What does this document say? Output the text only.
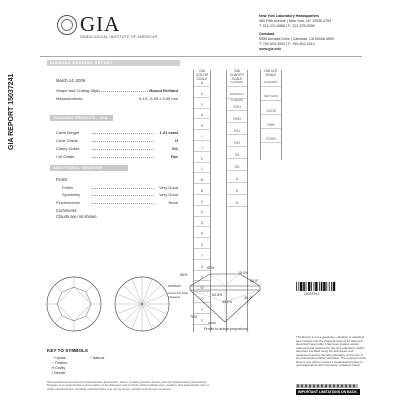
GIA
GEMOLOGICAL INSTITUTE OF AMERICA®
New York Laboratory Headquarters
580 Fifth Avenue | New York, NY 10036-4794
T: 212-221-5858 | F: 212-575-3095
Carlsbad
5355 Armada Drive | Carlsbad, CA 92008-4699
T: 760-603-4500 | F: 760-603-1814
www.gia.edu
DIAMOND GRADING REPORT
GIA REPORT 15037241	March 14, 2006
Shape and Cutting Style	Round Brilliant
Measurements	6.19 - 6.25 x 3.95 mm
GRADING RESULTS - GIA 4Cs
Carat Weight	1.01 carat
Color Grade	H
Clarity Grade	SI1
Cut Grade	Fair
ADDITIONAL GRADING INFORMATION
Finish
Polish	Very Good
Symmetry	Very Good
Fluorescence	None
Comments:
Clouds are not shown.
KEY TO SYMBOLS
◦ Crystal
~ Feather
● Cavity
/ Needle
^ Natural
Red symbols denote internal characteristics (inclusions). Green or black symbols denote external characteristics (blemishes). Diagram is an approximate representation of the diamond, and symbols shown indicate type, position, and approximate size of clarity characteristics. All clarity characteristics may not be shown. Details of finish are not shown.
GIA COLOR SCALE
D
E
F
G
H
I
J
K
L
M
N
O
P
Q
R
S
T
U
V
W
X
Y
Z
GIA CLARITY SCALE
FLAWLESS
INTERNALLY FLAWLESS
VVS1
VVS2
VS1
VS2
SI1
SI2
I1
I2
I3
GIA CUT SCALE
EXCELLENT
VERY GOOD
GOOD
FAIR
POOR
60%
55%	15.0%
35.0°
medium
extremely thick (faceted)	63.5%
43.0%
40.4°
75%
none
Profile to actual proportions.
15037241
This Report is not a guarantee, valuation or appraisal and contains only the characteristics of the diamond described herein after it has been graded, tested, examined and analyzed by the GIA Laboratory and/or has been inscribed using the techniques and equipment used by the GIA Laboratory at the time of the examination and/or inscription. The recipient of this Report may wish to consult a credentialed jeweler or gemologist about the information contained herein.
IMPORTANT LIMITATIONS ON BACK
